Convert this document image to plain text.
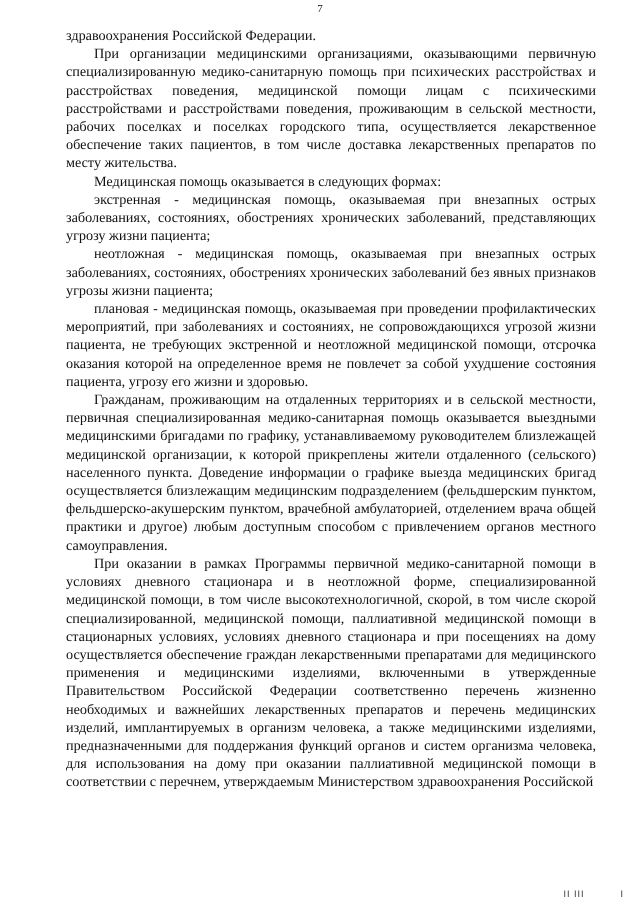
7

здравоохранения Российской Федерации.

При организации медицинскими организациями, оказывающими первичную специализированную медико-санитарную помощь при психических расстройствах и расстройствах поведения, медицинской помощи лицам с психическими расстройствами и расстройствами поведения, проживающим в сельской местности, рабочих поселках и поселках городского типа, осуществляется лекарственное обеспечение таких пациентов, в том числе доставка лекарственных препаратов по месту жительства.

Медицинская помощь оказывается в следующих формах:

экстренная - медицинская помощь, оказываемая при внезапных острых заболеваниях, состояниях, обострениях хронических заболеваний, представляющих угрозу жизни пациента;

неотложная - медицинская помощь, оказываемая при внезапных острых заболеваниях, состояниях, обострениях хронических заболеваний без явных признаков угрозы жизни пациента;

плановая - медицинская помощь, оказываемая при проведении профилактических мероприятий, при заболеваниях и состояниях, не сопровождающихся угрозой жизни пациента, не требующих экстренной и неотложной медицинской помощи, отсрочка оказания которой на определенное время не повлечет за собой ухудшение состояния пациента, угрозу его жизни и здоровью.

Гражданам, проживающим на отдаленных территориях и в сельской местности, первичная специализированная медико-санитарная помощь оказывается выездными медицинскими бригадами по графику, устанавливаемому руководителем близлежащей медицинской организации, к которой прикреплены жители отдаленного (сельского) населенного пункта. Доведение информации о графике выезда медицинских бригад осуществляется близлежащим медицинским подразделением (фельдшерским пунктом, фельдшерско-акушерским пунктом, врачебной амбулаторией, отделением врача общей практики и другое) любым доступным способом с привлечением органов местного самоуправления.

При оказании в рамках Программы первичной медико-санитарной помощи в условиях дневного стационара и в неотложной форме, специализированной медицинской помощи, в том числе высокотехнологичной, скорой, в том числе скорой специализированной, медицинской помощи, паллиативной медицинской помощи в стационарных условиях, условиях дневного стационара и при посещениях на дому осуществляется обеспечение граждан лекарственными препаратами для медицинского применения и медицинскими изделиями, включенными в утвержденные Правительством Российской Федерации соответственно перечень жизненно необходимых и важнейших лекарственных препаратов и перечень медицинских изделий, имплантируемых в организм человека, а также медицинскими изделиями, предназначенными для поддержания функций органов и систем организма человека, для использования на дому при оказании паллиативной медицинской помощи в соответствии с перечнем, утверждаемым Министерством здравоохранения Российской

II III	I
